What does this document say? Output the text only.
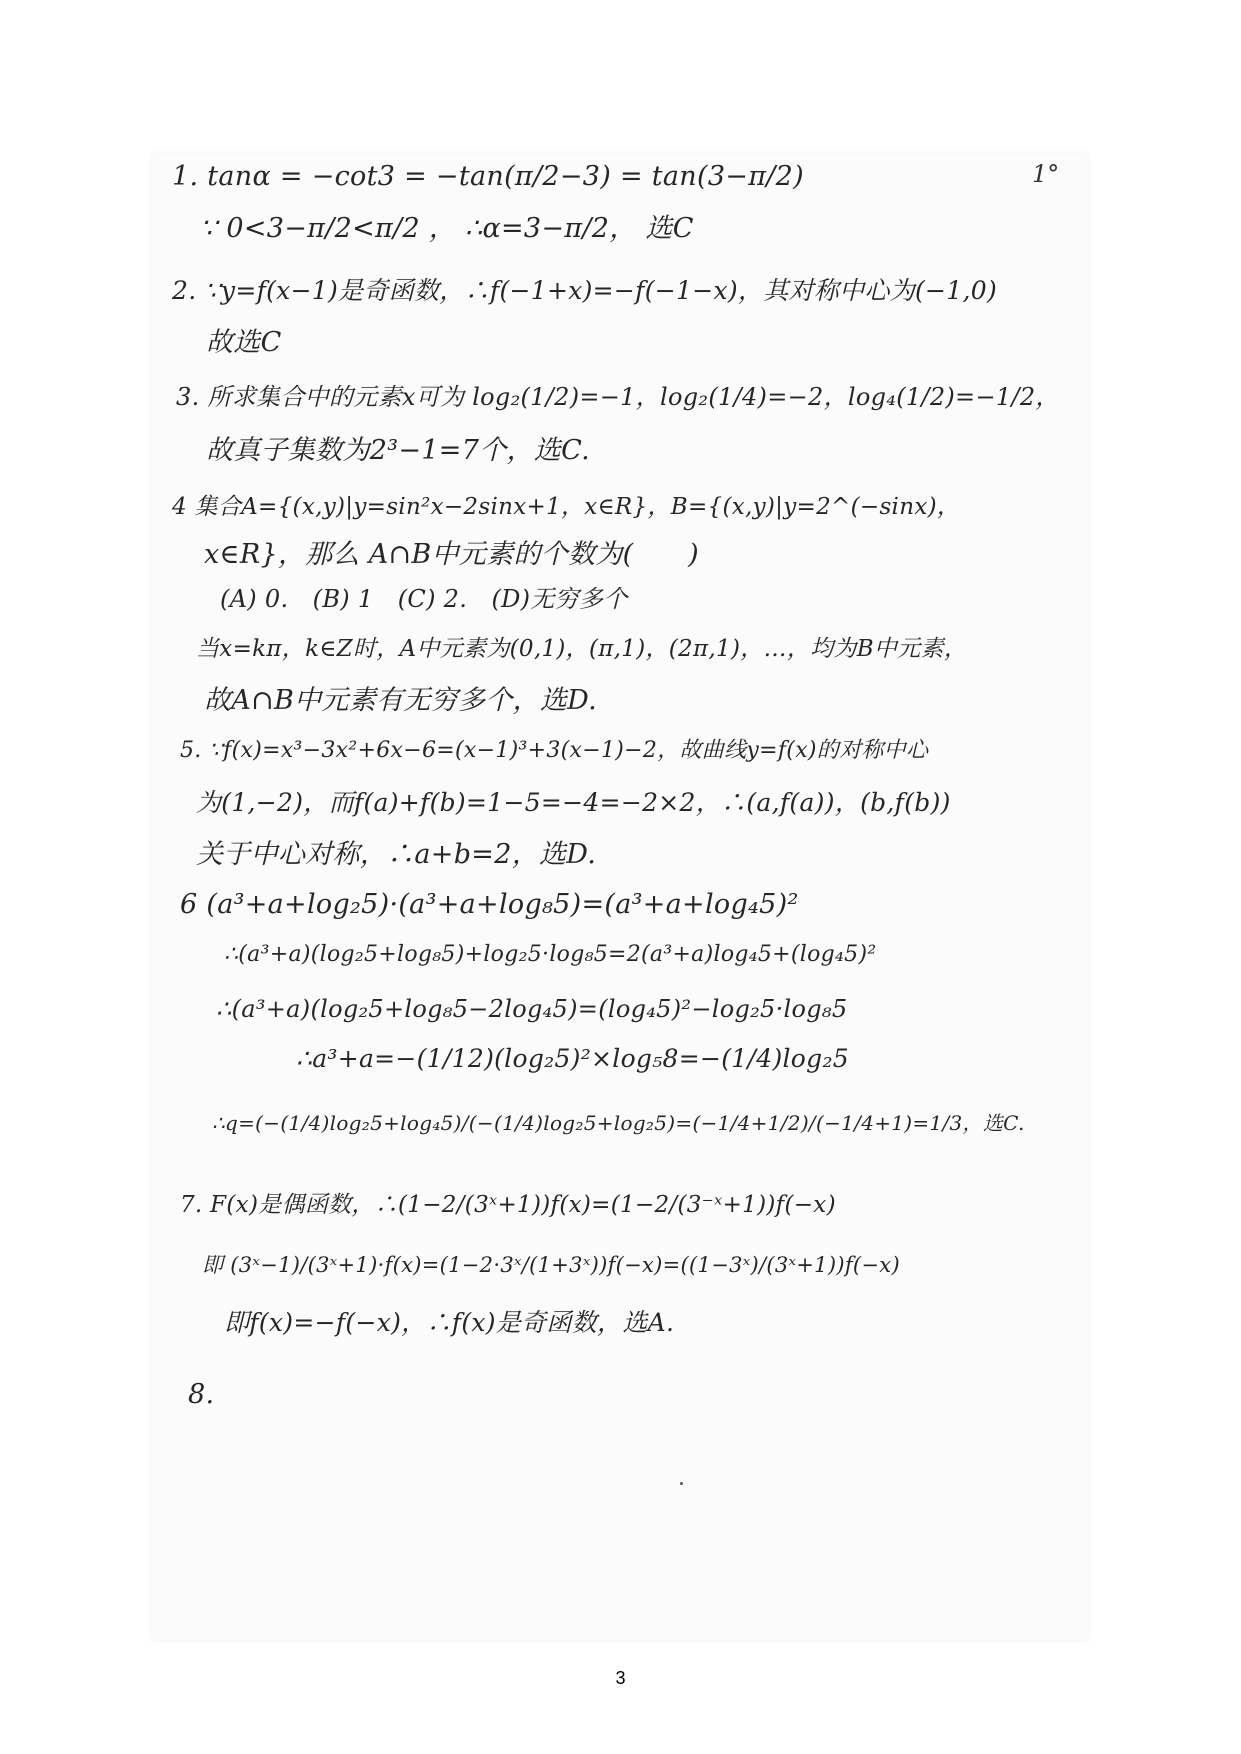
1°
1. tanα = −cot3 = −tan(π/2−3) = tan(3−π/2)
∵ 0<3−π/2<π/2 ， ∴α=3−π/2， 选C
2. ∵y=f(x−1)是奇函数，∴f(−1+x)=−f(−1−x)，其对称中心为(−1,0)
故选C
3. 所求集合中的元素x可为 log₂(1/2)=−1，log₂(1/4)=−2，log₄(1/2)=−1/2，
故真子集数为2³−1=7个，选C.
4 集合A={(x,y)|y=sin²x−2sinx+1，x∈R}，B={(x,y)|y=2^(−sinx)，
x∈R}，那么 A∩B中元素的个数为(　　)
(A) 0.　(B) 1　(C) 2.　(D)无穷多个
当x=kπ，k∈Z时，A中元素为(0,1)，(π,1)，(2π,1)，…，均为B中元素，
故A∩B中元素有无穷多个，选D.
5. ∵f(x)=x³−3x²+6x−6=(x−1)³+3(x−1)−2，故曲线y=f(x)的对称中心
为(1,−2)，而f(a)+f(b)=1−5=−4=−2×2，∴(a,f(a))，(b,f(b))
关于中心对称，∴a+b=2，选D.
6 (a³+a+log₂5)·(a³+a+log₈5)=(a³+a+log₄5)²
∴(a³+a)(log₂5+log₈5)+log₂5·log₈5=2(a³+a)log₄5+(log₄5)²
∴(a³+a)(log₂5+log₈5−2log₄5)=(log₄5)²−log₂5·log₈5
∴a³+a=−(1/12)(log₂5)²×log₅8=−(1/4)log₂5
∴q=(−(1/4)log₂5+log₄5)/(−(1/4)log₂5+log₂5)=(−1/4+1/2)/(−1/4+1)=1/3，选C.
7. F(x)是偶函数，∴(1−2/(3ˣ+1))f(x)=(1−2/(3⁻ˣ+1))f(−x)
即 (3ˣ−1)/(3ˣ+1)·f(x)=(1−2·3ˣ/(1+3ˣ))f(−x)=((1−3ˣ)/(3ˣ+1))f(−x)
即f(x)=−f(−x)，∴f(x)是奇函数，选A.
8.
3
